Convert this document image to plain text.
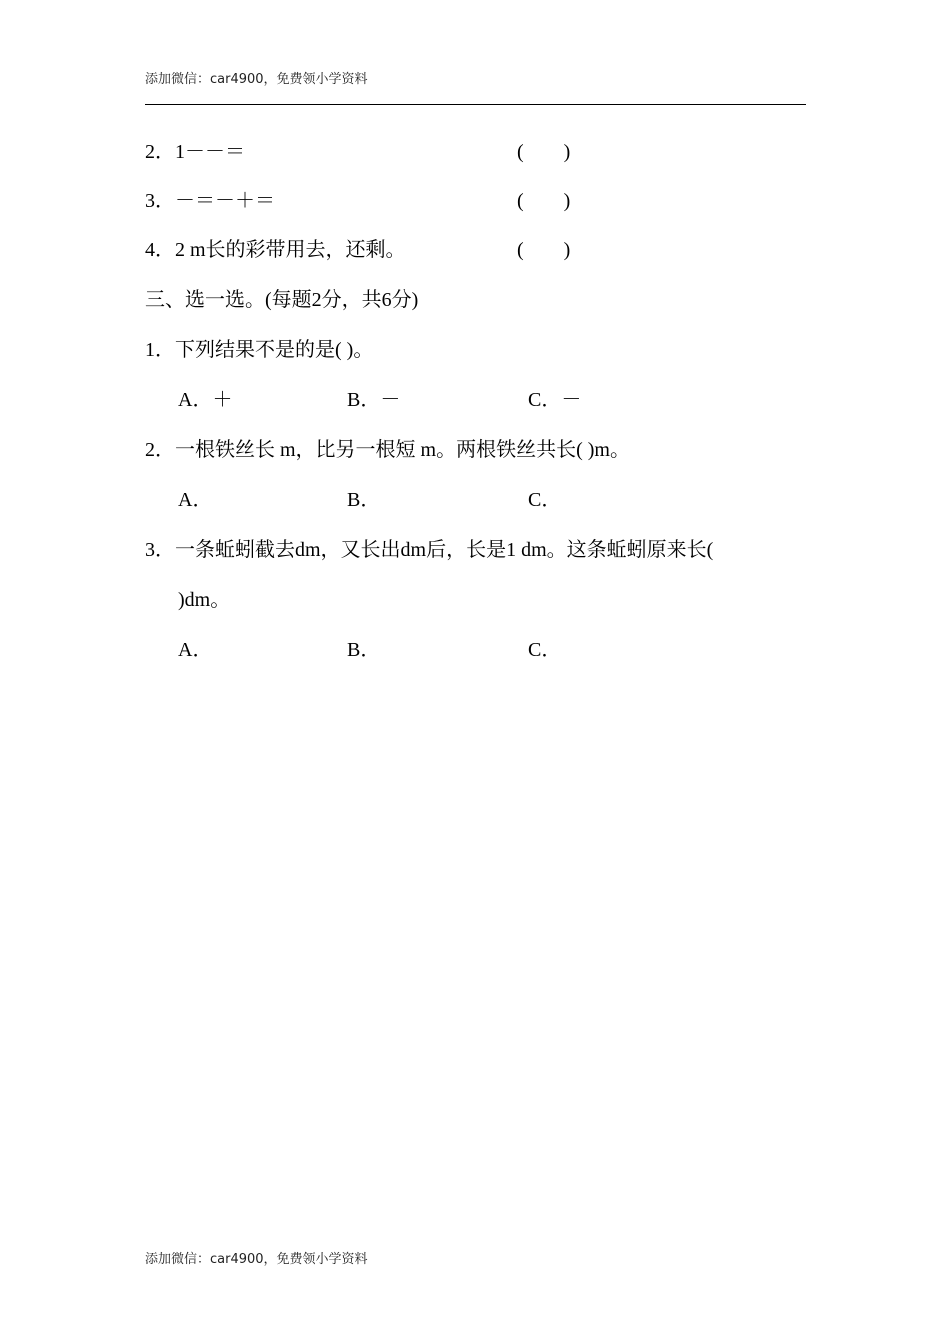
添加微信：car4900，免费领小学资料
2．1－－＝	(        )
3．－＝－＋＝	(        )
4．2 m长的彩带用去，还剩。	(        )
三、选一选。(每题2分，共6分)
1．下列结果不是的是( )。
A．＋	B．－	C．－
2．一根铁丝长 m，比另一根短 m。两根铁丝共长( )m。
A．	B．	C．
3．一条蚯蚓截去dm，又长出dm后，长是1 dm。这条蚯蚓原来长(
)dm。
A．	B．	C．
添加微信：car4900，免费领小学资料
